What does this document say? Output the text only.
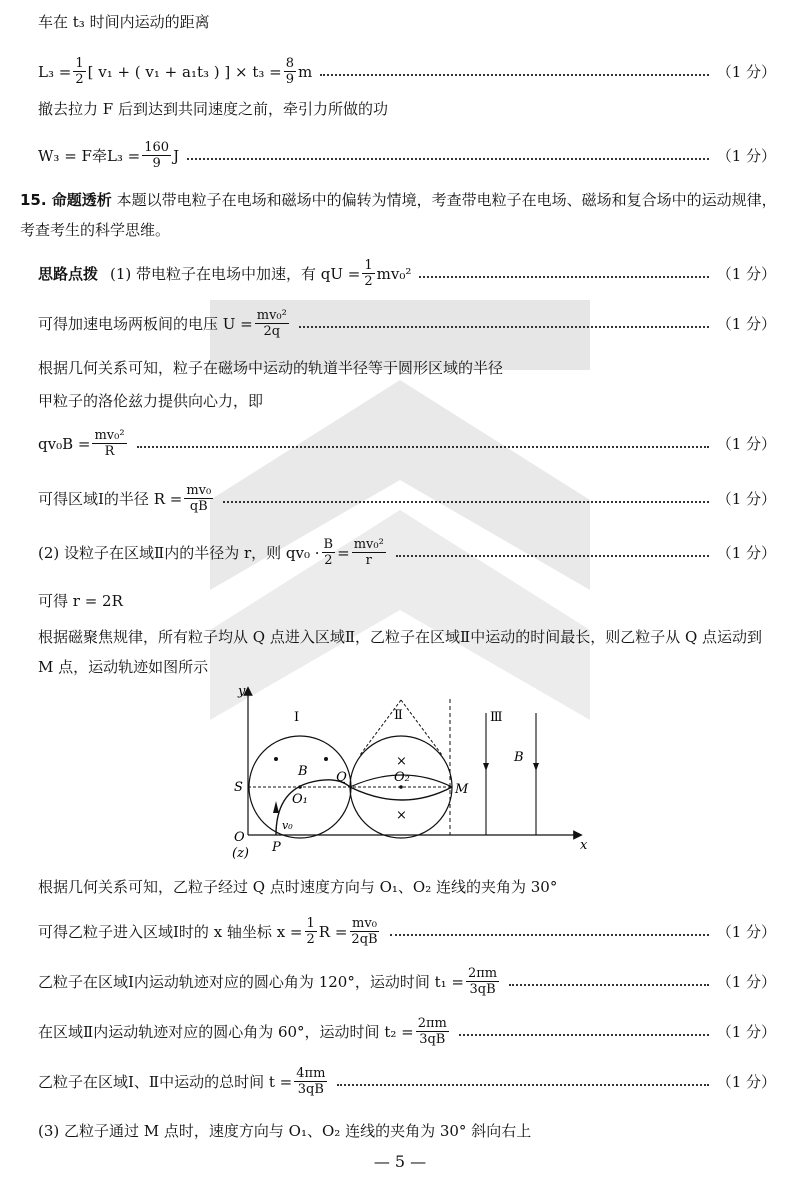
车在 t₃ 时间内运动的距离
$L_3 = \frac{1}{2}$ [ v₁ + ( v₁ + a₁t₃ ) ] × $t_3 = \frac{8}{9}$ m	（1 分）
撤去拉力 F 后到达到共同速度之前，牵引力所做的功
W₃ = F牵$L_3 = \frac{160}{9}$ J	（1 分）
15. 命题透析 本题以带电粒子在电场和磁场中的偏转为情境，考查带电粒子在电场、磁场和复合场中的运动规律，考查考生的科学思维。
思路点拨 (1) 带电粒子在电场中加速，有 qU = $\frac{1}{2} mv_0^2$	（1 分）
可得加速电场两板间的电压 $U = \frac{\text{mv₀²}}{2q}$	（1 分）
根据几何关系可知，粒子在磁场中运动的轨道半径等于圆形区域的半径
甲粒子的洛伦兹力提供向心力，即
$qv_0B = \frac{\text{mv₀²}}{R}$	（1 分）
可得区域Ⅰ的半径 $R = \frac{\text{mv₀}}{qB}$	（1 分）
(2) 设粒子在区域Ⅱ内的半径为 r，则 $qv_0 \cdot \frac{B}{2} = \frac{\text{mv₀²}}{r}$	（1 分）
可得 r = 2R
根据磁聚焦规律，所有粒子均从 Q 点进入区域Ⅱ，乙粒子在区域Ⅱ中运动的时间最长，则乙粒子从 Q 点运动到 M 点，运动轨迹如图所示
×
×
y
x
O
(z)
S
P
Q
M
O₁
O₂
B
B
v₀
Ⅰ	Ⅱ	Ⅲ
根据几何关系可知，乙粒子经过 Q 点时速度方向与 O₁、O₂ 连线的夹角为 30°
可得乙粒子进入区域Ⅰ时的 x 轴坐标 $x = \frac{1}{2}$ $R = \frac{\text{mv₀}}{2qB}$	（1 分）
乙粒子在区域Ⅰ内运动轨迹对应的圆心角为 120°，运动时间 $t_1 = \frac{2\pi m}{3qB}$	（1 分）
在区域Ⅱ内运动轨迹对应的圆心角为 60°，运动时间 $t_2 = \frac{2\pi m}{3qB}$	（1 分）
乙粒子在区域Ⅰ、Ⅱ中运动的总时间 $t = \frac{4\pi m}{3qB}$	（1 分）
(3) 乙粒子通过 M 点时，速度方向与 O₁、O₂ 连线的夹角为 30° 斜向右上
— 5 —
